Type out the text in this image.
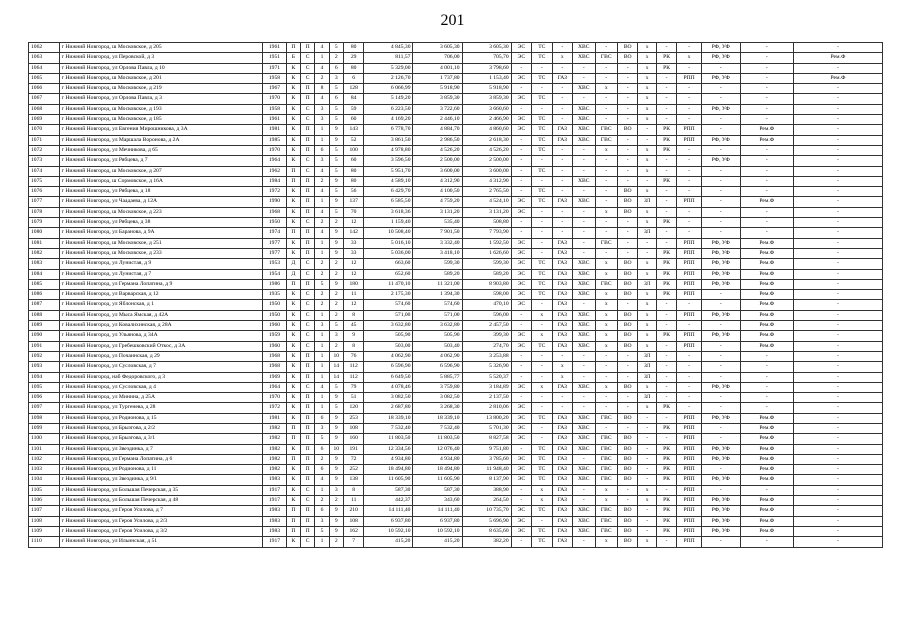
201
1062	г Нижний Новгород, ш Московское, д 205	1961	П	П	4	5	80	4 845,30	3 605,30	3 605,30	ЭС	ТС	-	ХВС	-	ВО	х	-	-	РФ, УФ	-	-
1063	г Нижний Новгород, ул Перовской, д 3	1951	Б	С	1	2	29	811,57	706,00	705,70	ЭС	ТС	х	ХВС	ГВС	ВО	х	РК	х	РФ, УФ	-	Рем.Ф
1064	г Нижний Новгород, ул Орлова Павла, д 10	1971	К	С	4	6	80	5 329,00	4 001,10	3 798,60	-	-	-	-	-	-	х	РК	-	-	-	-
1065	г Нижний Новгород, ш Московское, д 201	1958	К	С	2	3	6	2 126,70	1 737,80	1 153,40	ЭС	ТС	ГАЗ	-	-	-	х	-	РПП	РФ, УФ	-	Рем.Ф
1066	г Нижний Новгород, ш Московское, д 219	1967	К	П	8	5	128	6 066,99	5 918,90	5 918,90	-	-	-	ХВС	х	-	х	-	-	-	-	-
1067	г Нижний Новгород, ул Орлова Павла, д 3	1970	К	П	4	6	84	5 149,20	3 859,30	3 859,30	ЭС	ТС	-	-	-	-	х	-	-	-	-	-
1068	г Нижний Новгород, ш Московское, д 193	1958	К	С	3	5	59	6 223,50	3 722,60	3 660,60	-	-	-	ХВС	-	-	х	-	-	РФ, УФ	-	-
1069	г Нижний Новгород, ш Московское, д 185	1961	К	С	3	5	60	4 169,20	2 446,10	2 466,90	ЭС	ТС	-	ХВС	-	-	х	-	-	-	-	-
1070	г Нижний Новгород, ул Евгения Мирошникова, д 3А	1981	К	П	1	9	143	6 778,70	4 884,70	4 860,60	ЭС	ТС	ГАЗ	ХВС	ГВС	ВО	-	РК	РПП	-	Рем.Ф	-
1071	г Нижний Новгород, ул Маршала Воронова, д 2А	1985	К	П	1	9	52	3 861,50	2 986,50	2 618,30	-	ТС	ГАЗ	ХВС	ГВС	-	-	РК	РПП	РФ, УФ	Рем.Ф	-
1072	г Нижний Новгород, ул Мечникова, д 65	1970	К	П	6	5	100	4 978,80	4 526,20	4 526,20	-	ТС	-	-	х	-	х	РК	-	-	-	-
1073	г Нижний Новгород, ул Рябцева, д 7	1964	К	С	3	5	60	3 596,50	2 500,00	2 500,00	-	-	-	-	-	-	х	-	-	РФ, УФ	-	-
1074	г Нижний Новгород, ш Московское, д 207	1962	П	С	4	5	80	5 951,70	3 600,00	3 600,00	-	ТС	-	-	-	-	х	-	-	-	-	-
1075	г Нижний Новгород, ш Сормовское, д 16А	1984	П	П	2	9	80	4 589,10	4 312,90	4 312,90	-	-	-	ХВС	-	-	-	РК	-	-	-	-
1076	г Нижний Новгород, ул Рябцева, д 18	1972	К	П	4	5	56	6 429,70	4 100,50	2 765,50	-	ТС	-	-	-	ВО	х	-	-	-	-	-
1077	г Нижний Новгород, ул Чаадаева, д 12А	1990	К	П	1	9	137	6 585,50	4 759,20	4 524,10	ЭС	ТС	ГАЗ	ХВС	-	ВО	ЗЛ	-	РПП	-	Рем.Ф	-
1078	г Нижний Новгород, ш Московское, д 223	1968	К	П	4	5	70	3 618,36	3 131,20	3 131,20	ЭС	-	-	-	х	ВО	х	-	-	-	-	-
1079	г Нижний Новгород, ул Рябцева, д 38	1950	К	С	2	2	12	1 159,40	535,40	508,80	-	-	-	-	-	-	х	РК	-	-	-	-
1080	г Нижний Новгород, ул Баранова, д 9А	1974	П	П	4	9	142	10 508,40	7 901,50	7 793,90	-	-	-	-	-	-	ЗЛ	-	-	-	-	-
1081	г Нижний Новгород, ш Московское, д 251	1977	К	П	1	9	33	5 016,10	3 332,40	1 592,50	ЭС	-	ГАЗ	-	ГВС	-	-	-	РПП	РФ, УФ	Рем.Ф	-
1082	г Нижний Новгород, ш Московское, д 233	1977	К	П	1	9	33	5 036,00	3 418,10	1 626,60	ЭС	-	ГАЗ	-	-	-	-	РК	РПП	РФ, УФ	Рем.Ф	-
1083	г Нижний Новгород, ул Лунистая, д 9	1953	Д	С	2	2	12	663,60	599,30	599,30	ЭС	ТС	ГАЗ	ХВС	х	ВО	х	РК	РПП	РФ, УФ	Рем.Ф	-
1084	г Нижний Новгород, ул Лунистая, д 7	1954	Д	С	2	2	12	652,60	589,20	589,20	ЭС	ТС	ГАЗ	ХВС	х	ВО	х	РК	РПП	РФ, УФ	Рем.Ф	-
1085	г Нижний Новгород, ул Германа Лопатина, д 9	1986	П	П	5	9	180	11 470,10	11 321,00	8 903,80	ЭС	ТС	ГАЗ	ХВС	ГВС	ВО	ЗЛ	РК	РПП	РФ, УФ	Рем.Ф	-
1086	г Нижний Новгород, ул Варварская, д 12	1935	К	С	2	2	11	2 175,30	1 394,30	598,00	ЭС	ТС	ГАЗ	ХВС	х	ВО	х	РК	РПП	-	Рем.Ф	-
1087	г Нижний Новгород, ул Яблонская, д 1	1950	К	С	2	2	12	574,60	574,60	470,10	ЭС	-	ГАЗ	-	х	-	х	-	-	-	Рем.Ф	-
1088	г Нижний Новгород, ул Мыса Ямская, д 42А	1950	К	С	1	2	8	571,00	571,00	596,00	-	х	ГАЗ	ХВС	х	ВО	х	-	РПП	РФ, УФ	Рем.Ф	-
1089	г Нижний Новгород, ул Ковалихинская, д 28А	1960	К	С	3	5	45	3 632,80	3 632,80	2 457,50	-	-	ГАЗ	ХВС	х	ВО	х	-	-	-	Рем.Ф	-
1090	г Нижний Новгород, ул Ульянова, д 34А	1959	К	С	1	3	9	505,90	505,90	399,30	ЭС	х	ГАЗ	ХВС	х	ВО	х	РК	РПП	РФ, УФ	Рем.Ф	-
1091	г Нижний Новгород, ул Гребешковский Откос, д 3А	1960	К	С	1	2	8	503,00	503,40	274,70	ЭС	ТС	ГАЗ	ХВС	х	ВО	х	-	РПП	-	Рем.Ф	-
1092	г Нижний Новгород, ул Почаинская, д 29	1968	К	П	1	10	76	4 062,90	4 062,90	3 253,88	-	-	-	-	-	-	ЗЛ	-	-	-	-	-
1093	г Нижний Новгород, ул Сусловская, д 7	1968	К	П	1	14	112	6 596,90	6 596,90	5 326,90	-	-	х	-	-	-	ЗЛ	-	-	-	-	-
1094	г Нижний Новгород, наб Федоровского, д 3	1969	К	П	1	14	112	6 649,50	5 885,77	5 520,37	-	-	х	-	-	-	ЗЛ	-	-	-	-	-
1095	г Нижний Новгород, ул Сусловская, д 4	1964	К	С	4	5	79	4 078,46	3 759,80	3 184,89	ЭС	х	ГАЗ	ХВС	х	ВО	х	-	-	РФ, УФ	-	-
1096	г Нижний Новгород, ул Минина, д 25А	1970	К	П	1	9	51	3 082,50	3 082,50	2 137,50	-	-	-	-	-	-	ЗЛ	-	-	-	-	-
1097	г Нижний Новгород, ул Тургенева, д 28	1972	К	П	1	5	120	2 687,80	3 268,30	2 810,06	ЭС	-	-	-	-	-	х	РК	-	-	-	-
1098	г Нижний Новгород, ул Родионова, д 15	1981	К	П	6	9	253	18 339,10	18 339,10	13 800,20	ЭС	ТС	ГАЗ	ХВС	ГВС	ВО	-	-	РПП	РФ, УФ	Рем.Ф	-
1099	г Нижний Новгород, ул Брызгова, д 2/2	1982	П	П	3	9	108	7 532,40	7 532,40	5 701,30	ЭС	-	ГАЗ	ХВС	-	-	-	РК	РПП	-	Рем.Ф	-
1100	г Нижний Новгород, ул Брызгова, д 3/1	1982	П	П	5	9	160	11 803,50	11 803,50	8 827,58	ЭС	-	ГАЗ	ХВС	ГВС	ВО	-	-	РПП	-	Рем.Ф	-
1101	г Нижний Новгород, ул Звездинка, д 7	1982	К	П	6	10	191	12 334,56	12 076,40	9 751,80	-	ТС	ГАЗ	ХВС	ГВС	ВО	-	РК	РПП	РФ, УФ	Рем.Ф	-
1102	г Нижний Новгород, ул Германа Лопатина, д 6	1982	П	П	2	9	72	4 934,80	4 934,80	3 785,60	ЭС	ТС	ГАЗ	-	ГВС	ВО	-	РК	РПП	РФ, УФ	Рем.Ф	-
1103	г Нижний Новгород, ул Родионова, д 11	1982	К	П	6	9	252	18 494,80	18 494,80	11 948,40	ЭС	ТС	ГАЗ	ХВС	ГВС	ВО	-	РК	РПП	-	Рем.Ф	-
1104	г Нижний Новгород, ул Звездинка, д 9/1	1983	К	П	4	9	138	11 605,90	11 605,90	8 137,90	ЭС	ТС	ГАЗ	ХВС	ГВС	ВО	-	РК	РПП	РФ, УФ	Рем.Ф	-
1105	г Нижний Новгород, ул Большая Печерская, д 35	1917	К	С	1	3	8	587,30	587,30	388,90	-	х	ГАЗ	-	х	-	х	-	РПП	-	-	-
1106	г Нижний Новгород, ул Большая Печерская, д 48	1917	К	С	2	2	11	442,37	343,60	264,50	-	х	ГАЗ	-	х	-	х	РК	РПП	РФ, УФ	Рем.Ф	-
1107	г Нижний Новгород, ул Героя Усилова, д 7	1983	П	П	6	9	210	14 111,40	14 111,40	10 735,70	ЭС	ТС	ГАЗ	ХВС	ГВС	ВО	-	РК	РПП	РФ, УФ	Рем.Ф	-
1108	г Нижний Новгород, ул Героя Усилова, д 2/3	1983	П	П	3	9	108	6 937,80	6 937,80	5 696,90	ЭС	-	ГАЗ	ХВС	ГВС	ВО	-	РК	РПП	РФ, УФ	Рем.Ф	-
1109	г Нижний Новгород, ул Героя Усилова, д 3/2	1983	П	П	5	9	162	10 592,10	10 592,10	8 635,60	ЭС	ТС	ГАЗ	ХВС	ГВС	ВО	-	РК	РПП	РФ, УФ	Рем.Ф	-
1110	г Нижний Новгород, ул Ильинская, д 51	1917	К	С	1	2	7	415,20	415,20	382,20	-	ТС	ГАЗ	-	х	ВО	х	-	РПП	-	-	-
